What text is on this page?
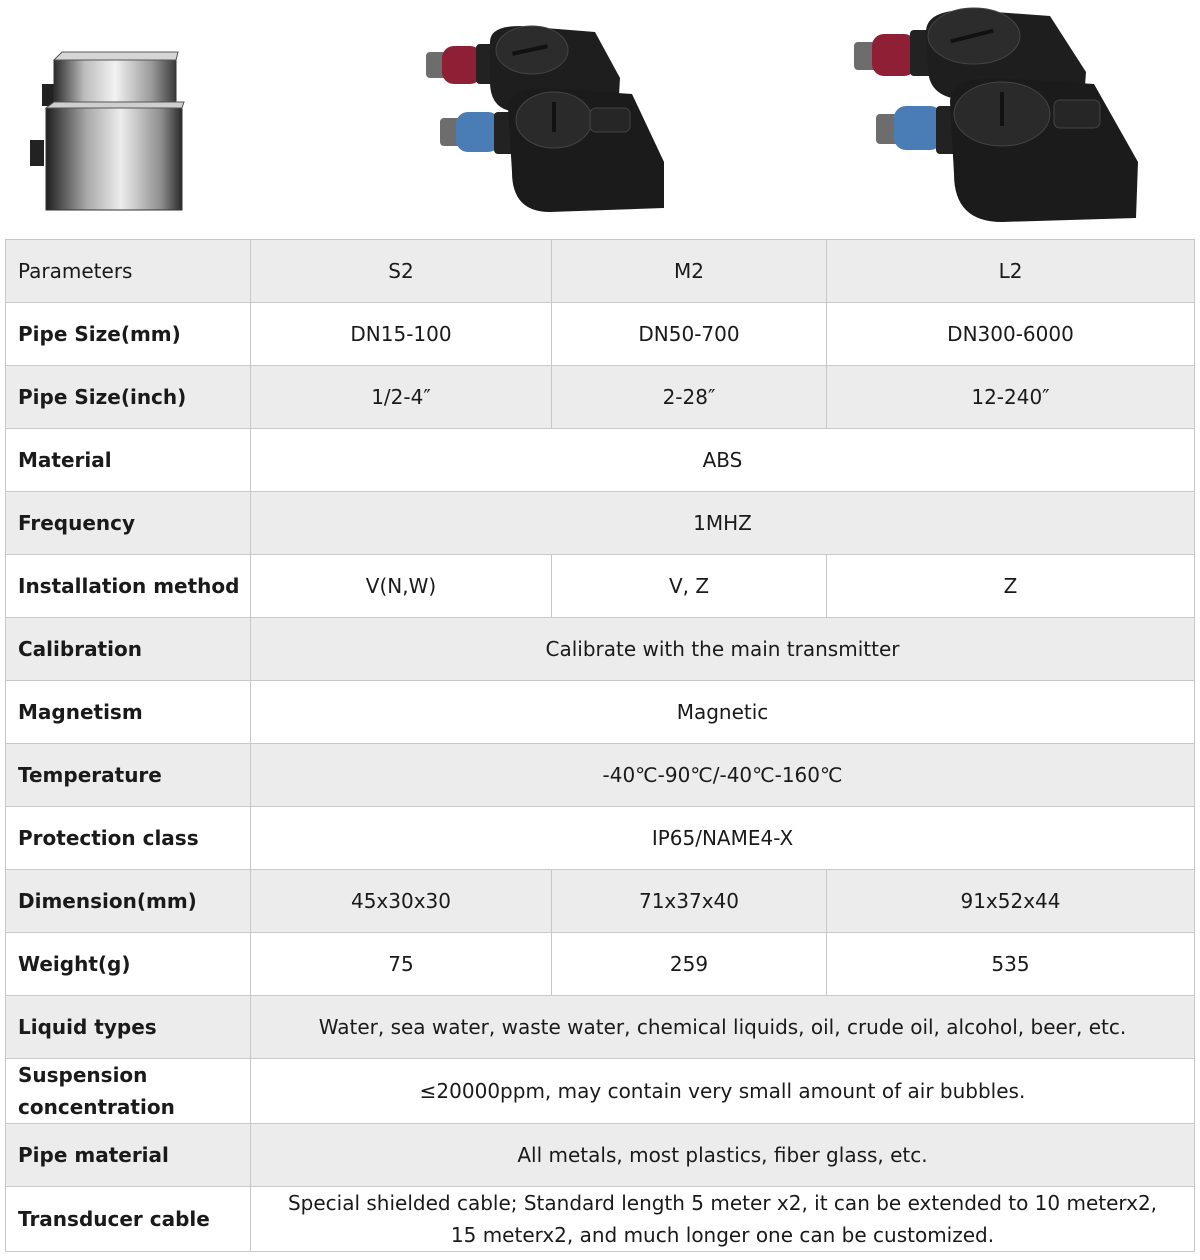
Parameters	S2	M2	L2
Pipe Size(mm)	DN15-100	DN50-700	DN300-6000
Pipe Size(inch)	1/2-4″	2-28″	12-240″
Material	ABS		
Frequency	1MHZ		
Installation method	V(N,W)	V, Z	Z
Calibration	Calibrate with the main transmitter		
Magnetism	Magnetic		
Temperature	-40℃-90℃/-40℃-160℃		
Protection class	IP65/NAME4-X		
Dimension(mm)	45x30x30	71x37x40	91x52x44
Weight(g)	75	259	535
Liquid types	Water, sea water, waste water, chemical liquids, oil, crude oil, alcohol, beer, etc.		
Suspension
concentration	≤20000ppm, may contain very small amount of air bubbles.		
Pipe material	All metals, most plastics, fiber glass, etc.		
Transducer cable	Special shielded cable; Standard length 5 meter x2, it can be extended to 10 meterx2,
15 meterx2, and much longer one can be customized.		
